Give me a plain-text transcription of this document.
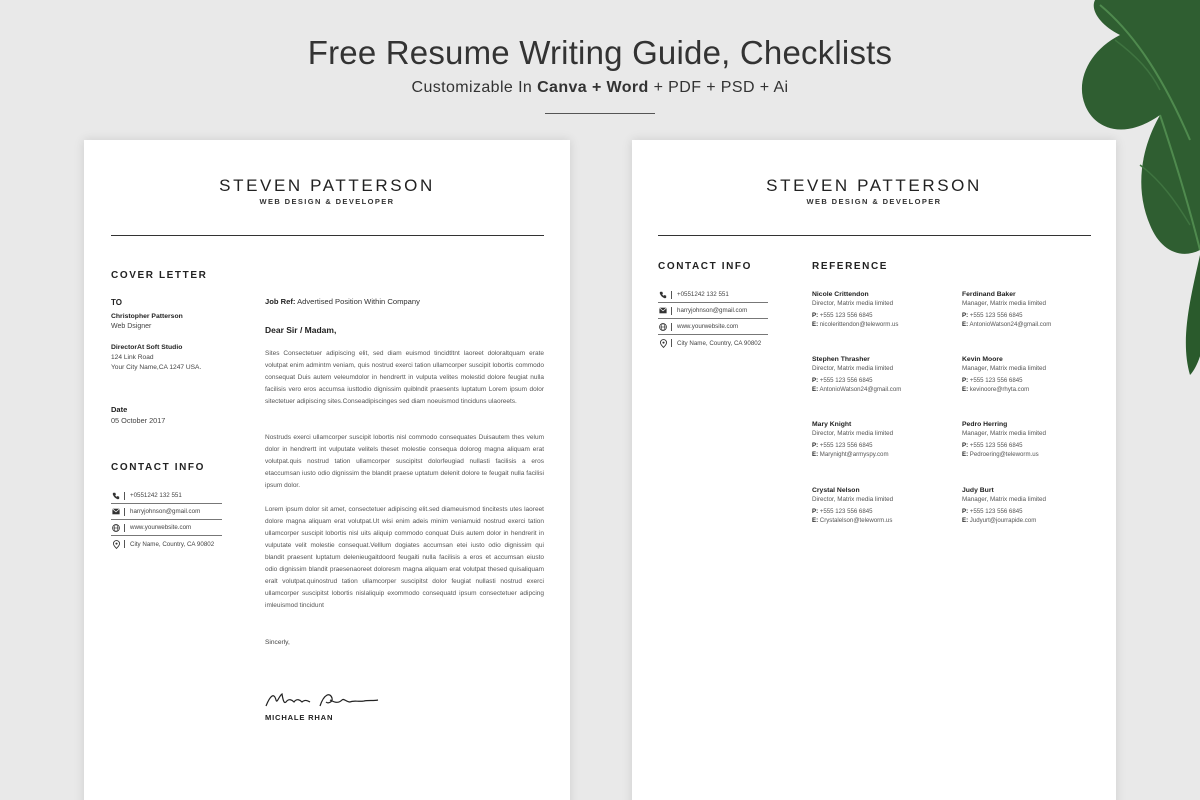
Free Resume Writing Guide, Checklists
Customizable In Canva + Word + PDF + PSD + Ai
STEVEN PATTERSON
WEB DESIGN & DEVELOPER
COVER LETTER
TO
Christopher Patterson
Web Dsigner
DirectorAt Soft Studio
124 Link Road
Your City Name,CA 1247 USA.
Date
05 October 2017
CONTACT INFO
+0551242 132 551
harryjohnson@gmail.com
www.yourwebsite.com
City Name, Country, CA 90802
Job Ref: Advertised Position Within Company
Dear Sir / Madam,
Sites Consectetuer adipiscing elit, sed diam euismod tincidtltnt laoreet doloraltquam erate volutpat enim admintm veniam, quis nostrud exerci tation ullamcorper suscipit lobortis commodo consequat Duis autem veleumdolor in hendrertt in vulputa velites molestid dolore feugiat nulla facilisis vero eros accumsa iusttodio dignissim quiblndit praesents luptatum Lorem ipsum dolor sitectetuer adipiscing sites.Conseadipiscinges sed diam noeuismod tinciduns ulaoreets.
Nostruds exerci ullamcorper suscipit lobortis nisl commodo consequates Duisautem thes velum dolor in hendrertt int vulputate velitels theset molestie consequa dolorog magna aliquam erat volutpat.quis nostrud tation ullamcorper suscipitst dolorfeugiad nullasti facilisis a eros etaccumsan iusto odio dignissim the blandit praese uptatum delenit dolore te feugait nulla facilisi ipsum dolor.
Lorem ipsum dolor sit amet, consectetuer adipiscing elit.sed diameuismod tincitests utes laoreet dolore magna aliquam erat volutpat.Ut wisi enim adeis minim veniamuid nostrud exerci tation ullamcorper suscipit lobortis nisl uits aliquip commodo conquat Duis autem dolor in hendrerit in vulputate velit molestie consequat.Velllum dogiates accumsan etei iusto odio dignissim qui blandit praesent luptatum delenieugaitdoord feugaiti nulla facilisis a eros et accumsan eiusto odio dignissim blandit praesenaoreet doloresm magna aliquam erat volutpat thesed quisaliquam eralt volutpat.quinostrud tation ullamcorper suscipitst dolor feugiat nullasti nostrud exerci ullamcorper suscipitst lobortis nislaliquip exommodo consequatd ipsum consectetuer adipcing imleuismod tincidunt
Sincerly,
MICHALE RHAN
STEVEN PATTERSON
WEB DESIGN & DEVELOPER
CONTACT INFO
+0551242 132 551
harryjohnson@gmail.com
www.yourwebsite.com
City Name, Country, CA 90802
REFERENCE
Nicole Crittendon
Director, Matrix media limited
P: +555 123 556 6845
E: nicolerittendon@teleworm.us
Ferdinand Baker
Manager, Matrix media limited
P: +555 123 556 6845
E: AntonioWatson24@gmail.com
Stephen Thrasher
Director, Matrix media limited
P: +555 123 556 6845
E: AntonioWatson24@gmail.com
Kevin Moore
Manager, Matrix media limited
P: +555 123 556 6845
E: kevinoore@rhyta.com
Mary Knight
Director, Matrix media limited
P: +555 123 556 6845
E: Marynight@armyspy.com
Pedro Herring
Manager, Matrix media limited
P: +555 123 556 6845
E: Pedroering@teleworm.us
Crystal Nelson
Director, Matrix media limited
P: +555 123 556 6845
E: Crystalelson@teleworm.us
Judy Burt
Manager, Matrix media limited
P: +555 123 556 6845
E: Judyurt@jourrapide.com
